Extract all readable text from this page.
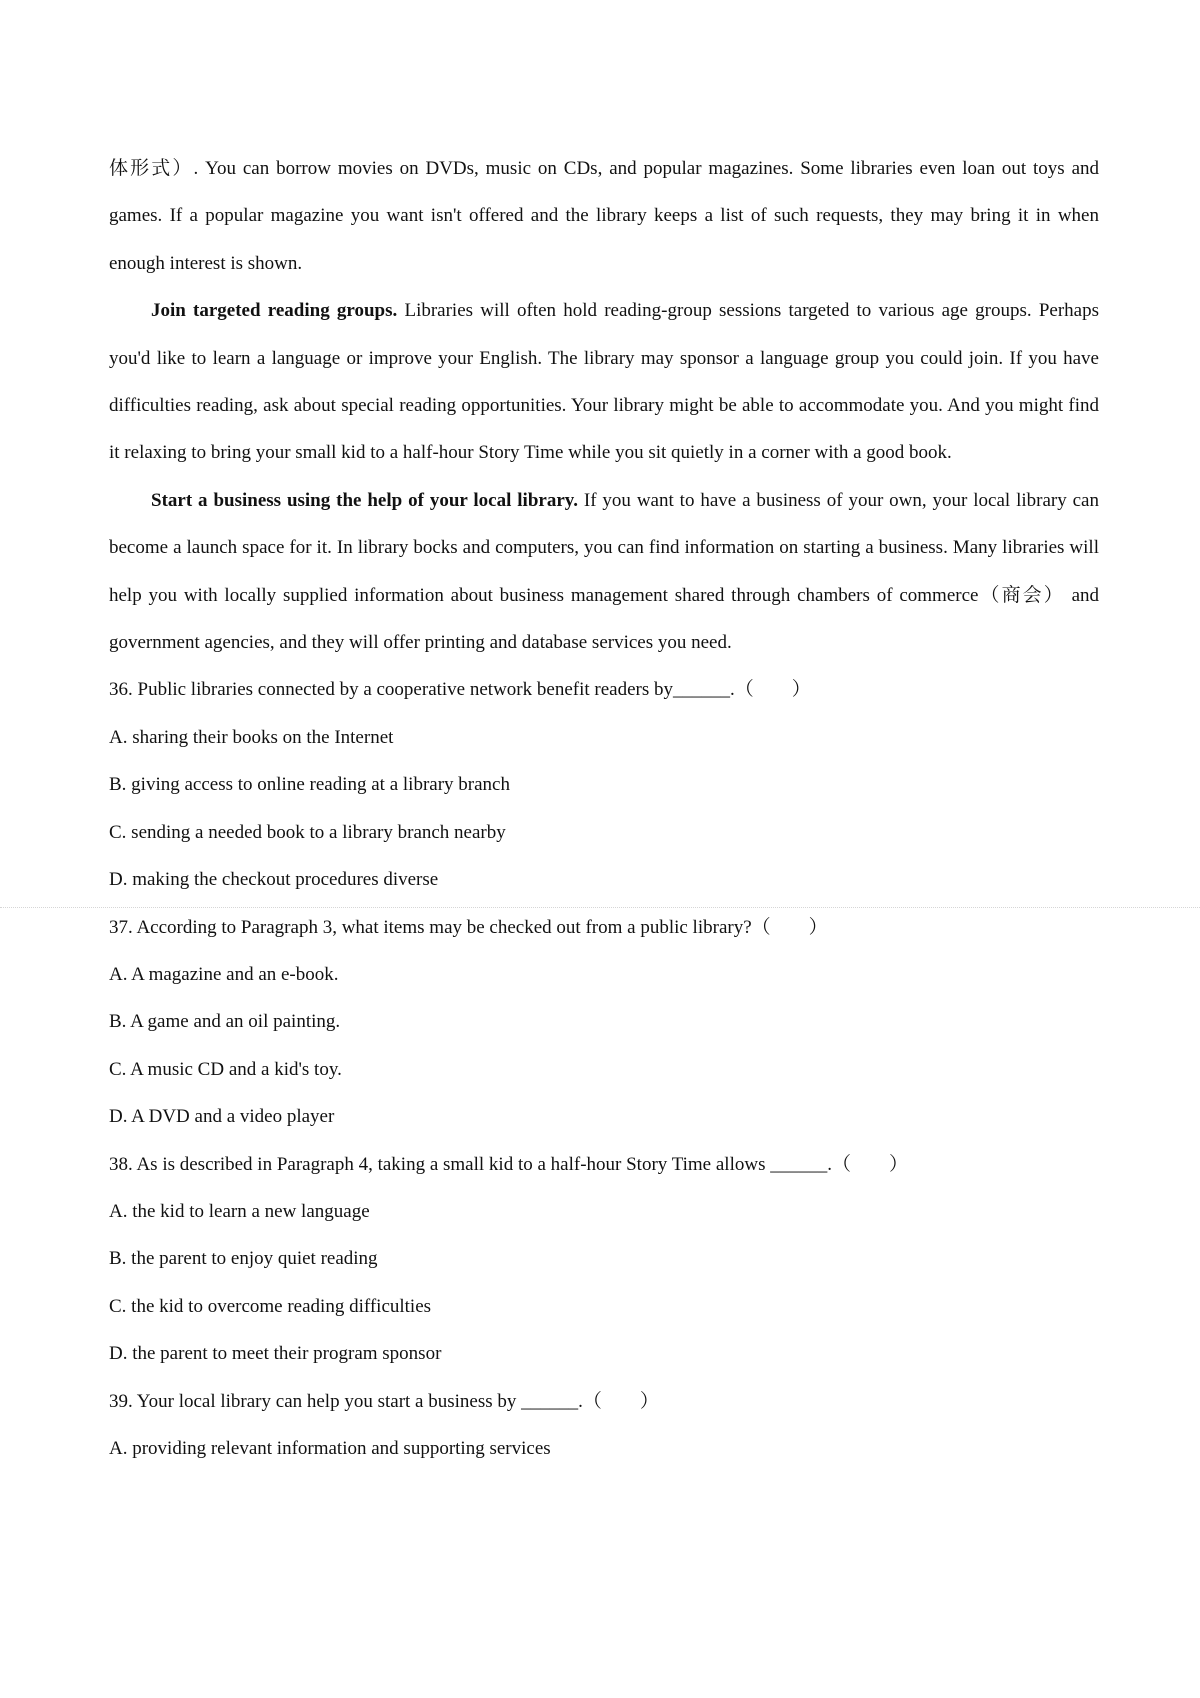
体形式）. You can borrow movies on DVDs, music on CDs, and popular magazines. Some libraries even loan out toys and games. If a popular magazine you want isn't offered and the library keeps a list of such requests, they may bring it in when enough interest is shown.

Join targeted reading groups. Libraries will often hold reading-group sessions targeted to various age groups. Perhaps you'd like to learn a language or improve your English. The library may sponsor a language group you could join. If you have difficulties reading, ask about special reading opportunities. Your library might be able to accommodate you. And you might find it relaxing to bring your small kid to a half-hour Story Time while you sit quietly in a corner with a good book.

Start a business using the help of your local library. If you want to have a business of your own, your local library can become a launch space for it. In library bocks and computers, you can find information on starting a business. Many libraries will help you with locally supplied information about business management shared through chambers of commerce（商会） and government agencies, and they will offer printing and database services you need.

36. Public libraries connected by a cooperative network benefit readers by______.（　　）

A. sharing their books on the Internet

B. giving access to online reading at a library branch

C. sending a needed book to a library branch nearby

D. making the checkout procedures diverse

37. According to Paragraph 3, what items may be checked out from a public library?（　　）

A. A magazine and an e-book.

B. A game and an oil painting.

C. A music CD and a kid's toy.

D. A DVD and a video player

38. As is described in Paragraph 4, taking a small kid to a half-hour Story Time allows ______.（　　）

A. the kid to learn a new language

B. the parent to enjoy quiet reading

C. the kid to overcome reading difficulties

D. the parent to meet their program sponsor

39. Your local library can help you start a business by ______.（　　）

A. providing relevant information and supporting services
